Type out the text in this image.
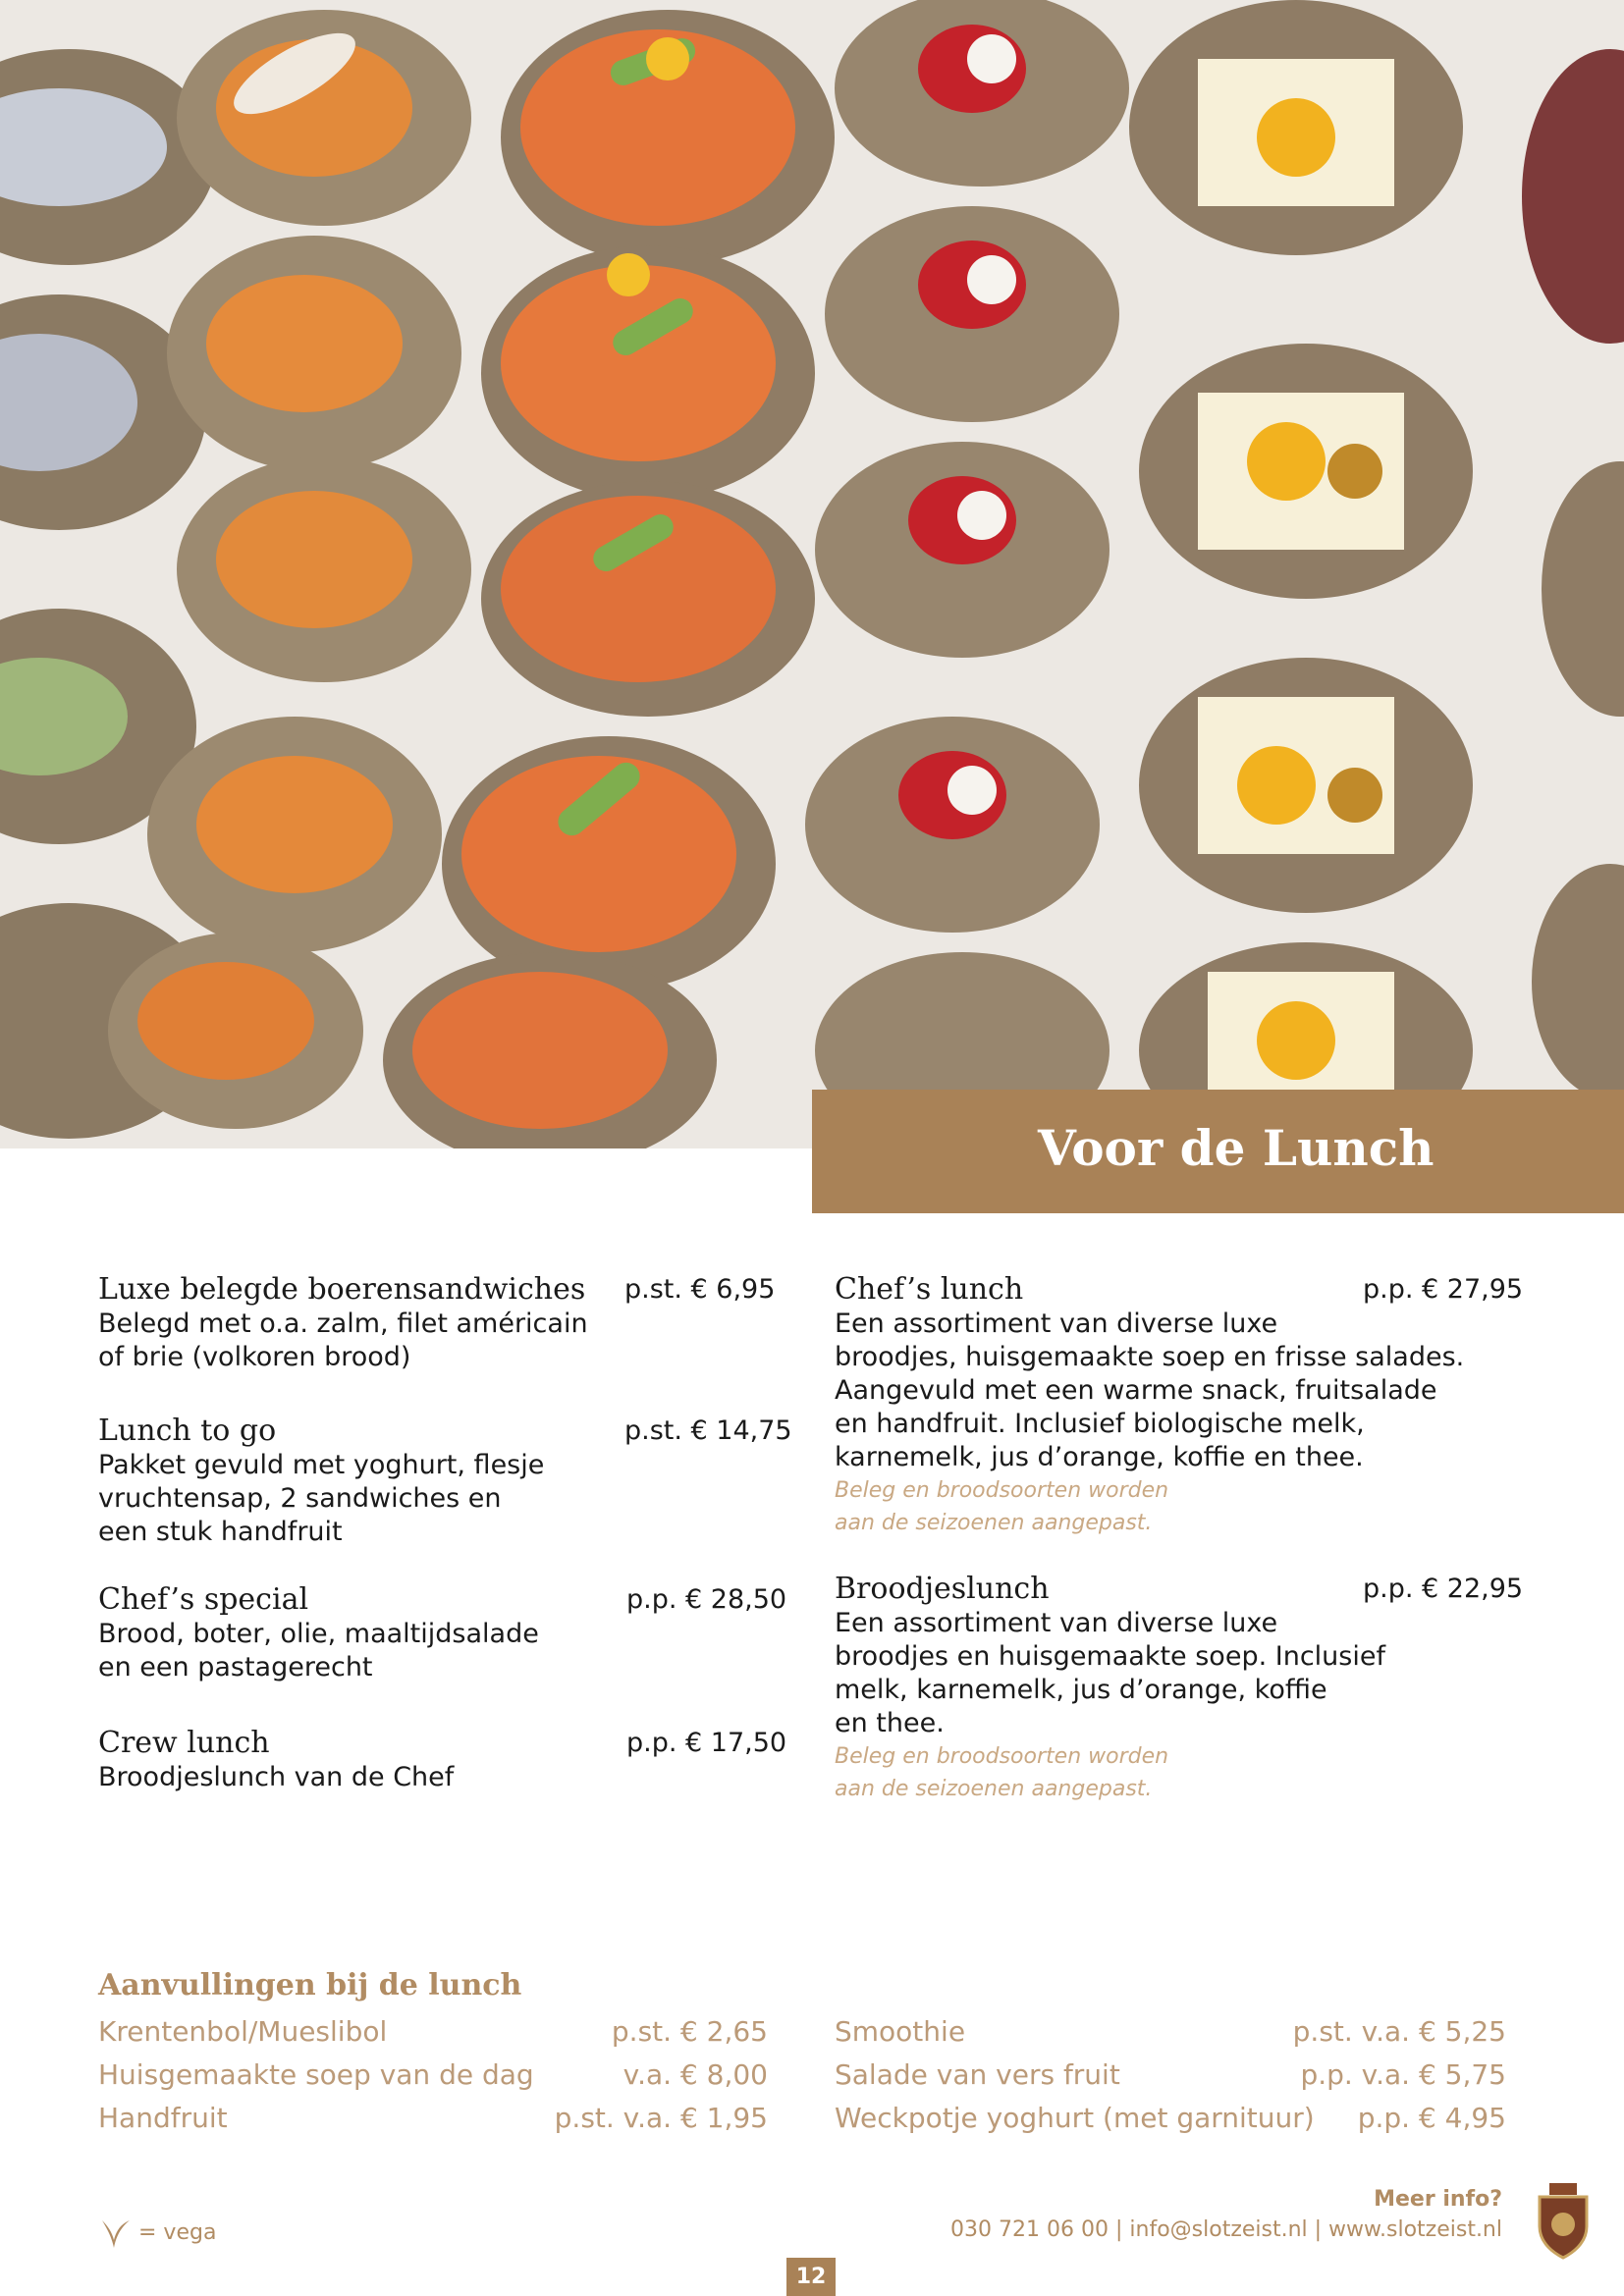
Voor de Lunch
Luxe belegde boerensandwiches	p.st. € 6,95
Belegd met o.a. zalm, filet américain
of brie (volkoren brood)
Lunch to go	p.st. € 14,75
Pakket gevuld met yoghurt, flesje
vruchtensap, 2 sandwiches en
een stuk handfruit
Chef’s special	p.p. € 28,50
Brood, boter, olie, maaltijdsalade
en een pastagerecht
Crew lunch	p.p. € 17,50
Broodjeslunch van de Chef
Chef’s lunch	p.p. € 27,95
Een assortiment van diverse luxe
broodjes, huisgemaakte soep en frisse salades.
Aangevuld met een warme snack, fruitsalade
en handfruit. Inclusief biologische melk,
karnemelk, jus d’orange, koffie en thee.
Beleg en broodsoorten worden
aan de seizoenen aangepast.
Broodjeslunch	p.p. € 22,95
Een assortiment van diverse luxe
broodjes en huisgemaakte soep. Inclusief
melk, karnemelk, jus d’orange, koffie
en thee.
Beleg en broodsoorten worden
aan de seizoenen aangepast.
Aanvullingen bij de lunch
Krentenbol/Mueslibol	p.st. € 2,65
Huisgemaakte soep van de dag	v.a. € 8,00
Handfruit	p.st. v.a. € 1,95
Smoothie	p.st. v.a. € 5,25
Salade van vers fruit	p.p. v.a. € 5,75
Weckpotje yoghurt (met garnituur) p.p. € 4,95
= vega
Meer info?
030 721 06 00 | info@slotzeist.nl | www.slotzeist.nl
12
